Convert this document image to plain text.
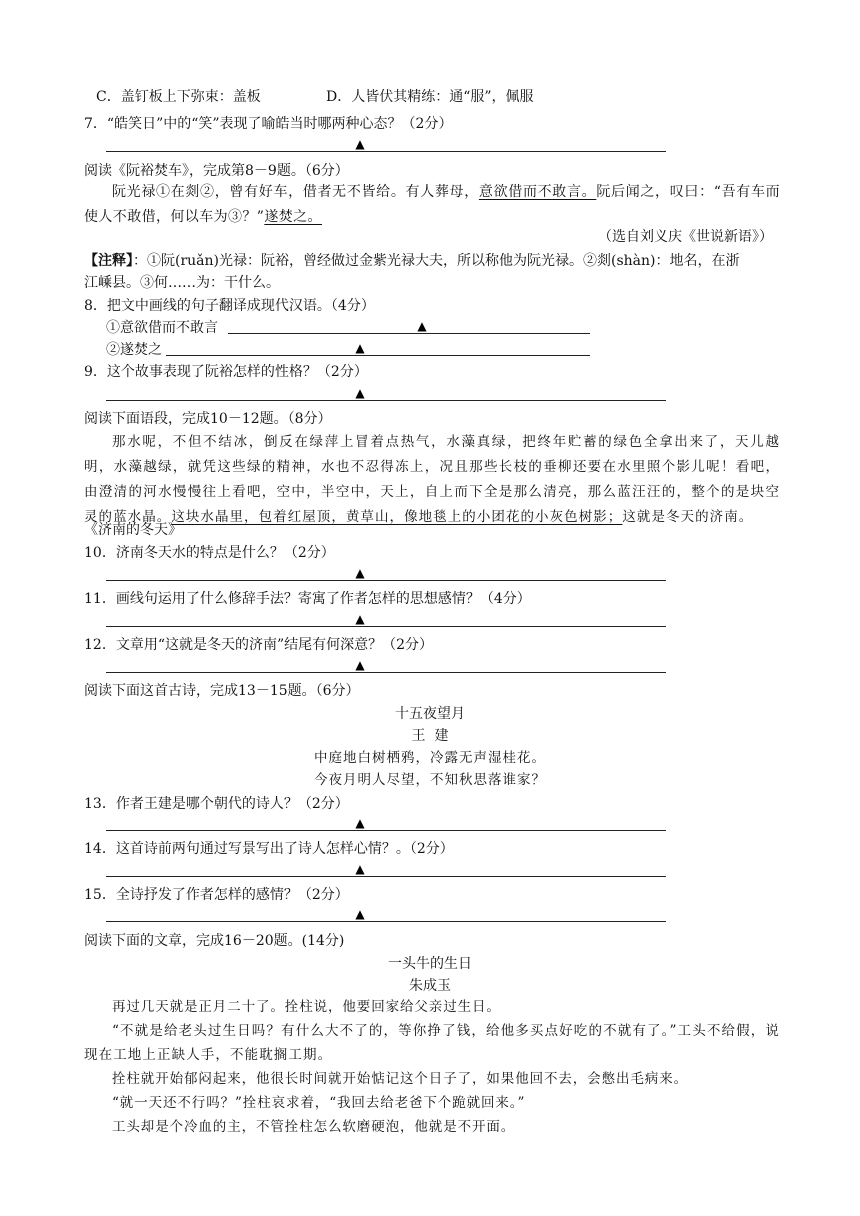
C．盖钉板上下弥束：盖板	D．人皆伏其精练：通“服”，佩服
7．“皓笑日”中的“笑”表现了喻皓当时哪两种心态？（2分）
▲
阅读《阮裕焚车》，完成第8－9题。（6分）
阮光禄①在剡②，曾有好车，借者无不皆给。有人葬母，意欲借而不敢言。阮后闻之，叹曰：“吾有车而使人不敢借，何以车为③？”遂焚之。
（选自刘义庆《世说新语》）
【注释】：①阮(ruǎn)光禄：阮裕，曾经做过金紫光禄大夫，所以称他为阮光禄。②剡(shàn)：地名，在浙
江嵊县。③何……为：干什么。
8．把文中画线的句子翻译成现代汉语。（4分）
①意欲借而不敢言	▲
②遂焚之	▲
9．这个故事表现了阮裕怎样的性格？（2分）
▲
阅读下面语段，完成10－12题。（8分）
那水呢，不但不结冰，倒反在绿萍上冒着点热气，水藻真绿，把终年贮蓄的绿色全拿出来了，天儿越明，水藻越绿，就凭这些绿的精神，水也不忍得冻上，况且那些长枝的垂柳还要在水里照个影儿呢！看吧，由澄清的河水慢慢往上看吧，空中，半空中，天上，自上而下全是那么清亮，那么蓝汪汪的，整个的是块空灵的蓝水晶。这块水晶里，包着红屋顶，黄草山，像地毯上的小团花的小灰色树影；这就是冬天的济南。
《济南的冬天》
10．济南冬天水的特点是什么？（2分）
▲
11．画线句运用了什么修辞手法？寄寓了作者怎样的思想感情？（4分）
▲
12．文章用“这就是冬天的济南”结尾有何深意？（2分）
▲
阅读下面这首古诗，完成13－15题。（6分）
十五夜望月
王  建
中庭地白树栖鸦，冷露无声湿桂花。
今夜月明人尽望，不知秋思落谁家？
13．作者王建是哪个朝代的诗人？（2分）
▲
14．这首诗前两句通过写景写出了诗人怎样心情？。（2分）
▲
15．全诗抒发了作者怎样的感情？（2分）
▲
阅读下面的文章，完成16－20题。(14分)
一头牛的生日
朱成玉
再过几天就是正月二十了。拴柱说，他要回家给父亲过生日。
“不就是给老头过生日吗？有什么大不了的，等你挣了钱，给他多买点好吃的不就有了。”工头不给假，说现在工地上正缺人手，不能耽搁工期。
拴柱就开始郁闷起来，他很长时间就开始惦记这个日子了，如果他回不去，会憋出毛病来。
“就一天还不行吗？”拴柱哀求着，“我回去给老爸下个跪就回来。”
工头却是个冷血的主，不管拴柱怎么软磨硬泡，他就是不开面。
